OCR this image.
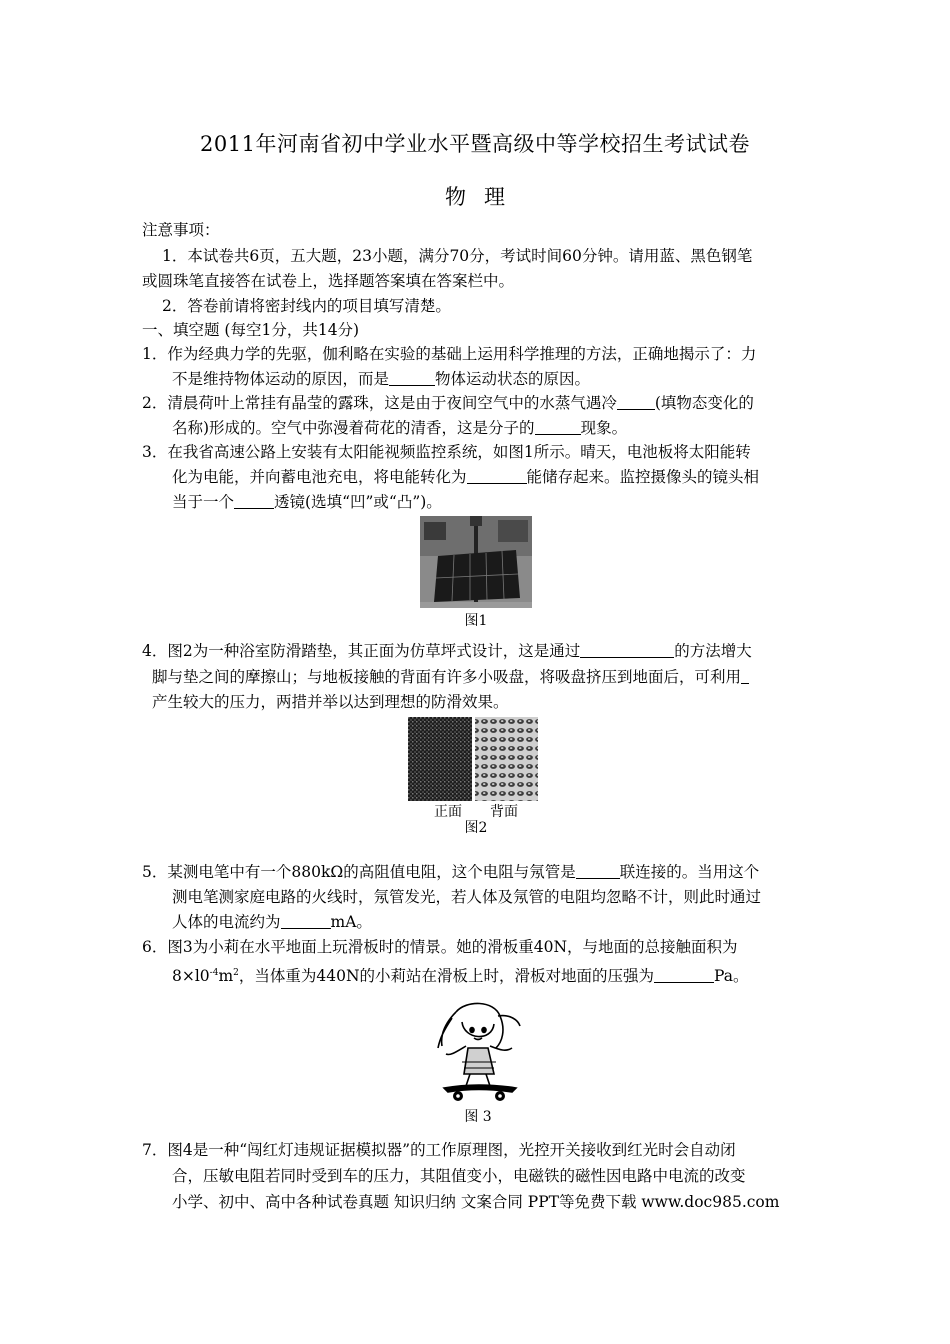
2011年河南省初中学业水平暨高级中等学校招生考试试卷
物理
注意事项：
1．本试卷共6页，五大题，23小题，满分70分，考试时间60分钟。请用蓝、黑色钢笔
或圆珠笔直接答在试卷上，选择题答案填在答案栏中。
2．答卷前请将密封线内的项目填写清楚。
一、填空题 (每空1分，共14分)
1．作为经典力学的先驱，伽利略在实验的基础上运用科学推理的方法，正确地揭示了：力
不是维持物体运动的原因，而是	物体运动状态的原因。
2．清晨荷叶上常挂有晶莹的露珠，这是由于夜间空气中的水蒸气遇冷 (填物态变化的
名称)形成的。空气中弥漫着荷花的清香，这是分子的	现象。
3．在我省高速公路上安装有太阳能视频监控系统，如图1所示。晴天，电池板将太阳能转
化为电能，并向蓄电池充电，将电能转化为	能储存起来。监控摄像头的镜头相
当于一个	透镜(选填“凹”或“凸”)。
图1
4．图2为一种浴室防滑踏垫，其正面为仿草坪式设计，这是通过	的方法增大
脚与垫之间的摩擦山；与地板接触的背面有许多小吸盘，将吸盘挤压到地面后，可利用
产生较大的压力，两措并举以达到理想的防滑效果。
正面	背面
图2
5．某测电笔中有一个880kΩ的高阻值电阻，这个电阻与氖管是	联连接的。当用这个
测电笔测家庭电路的火线时，氖管发光，若人体及氖管的电阻均忽略不计，则此时通过
人体的电流约为	mA。
6．图3为小莉在水平地面上玩滑板时的情景。她的滑板重40N，与地面的总接触面积为
$8\times l0^{-4}m^2$，当体重为440N的小莉站在滑板上时，滑板对地面的压强为	Pa。
图 3
7．图4是一种“闯红灯违规证据模拟器”的工作原理图，光控开关接收到红光时会自动闭
合，压敏电阻若同时受到车的压力，其阻值变小，电磁铁的磁性因电路中电流的改变
小学、初中、高中各种试卷真题 知识归纳 文案合同 PPT等免费下载 www.doc985.com
